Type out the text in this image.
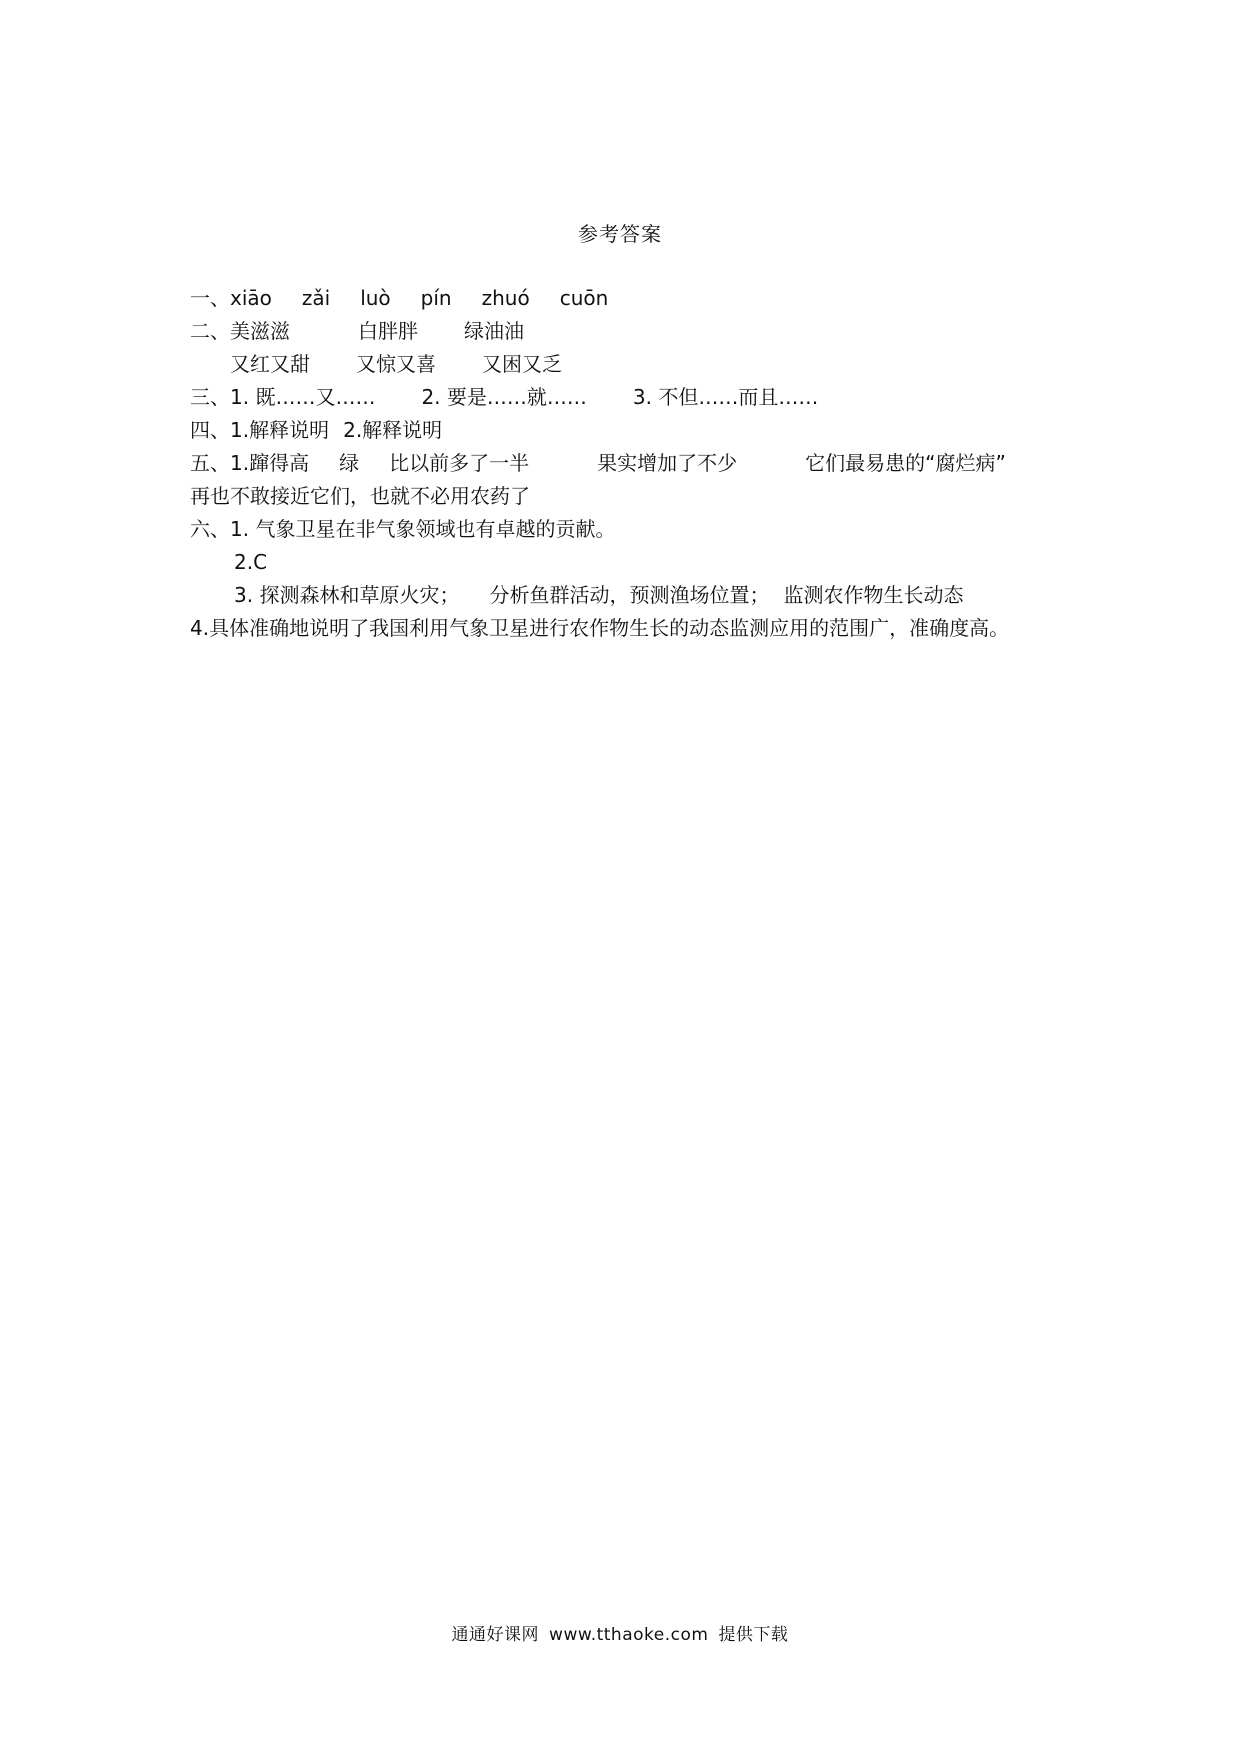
参考答案
一、xiāo zǎi luò pín zhuó cuōn
二、美滋滋	白胖胖 绿油油
又红又甜 又惊又喜 又困又乏
三、1. 既……又…… 2. 要是……就…… 3. 不但……而且……
四、1.解释说明 2.解释说明
五、1.蹿得高 绿 比以前多了一半	果实增加了不少	它们最易患的“腐烂病”
再也不敢接近它们，也就不必用农药了
六、1. 气象卫星在非气象领域也有卓越的贡献。
2.C
3. 探测森林和草原火灾； 分析鱼群活动，预测渔场位置； 监测农作物生长动态
4.具体准确地说明了我国利用气象卫星进行农作物生长的动态监测应用的范围广，准确度高。
通通好课网 www.tthaoke.com 提供下载
